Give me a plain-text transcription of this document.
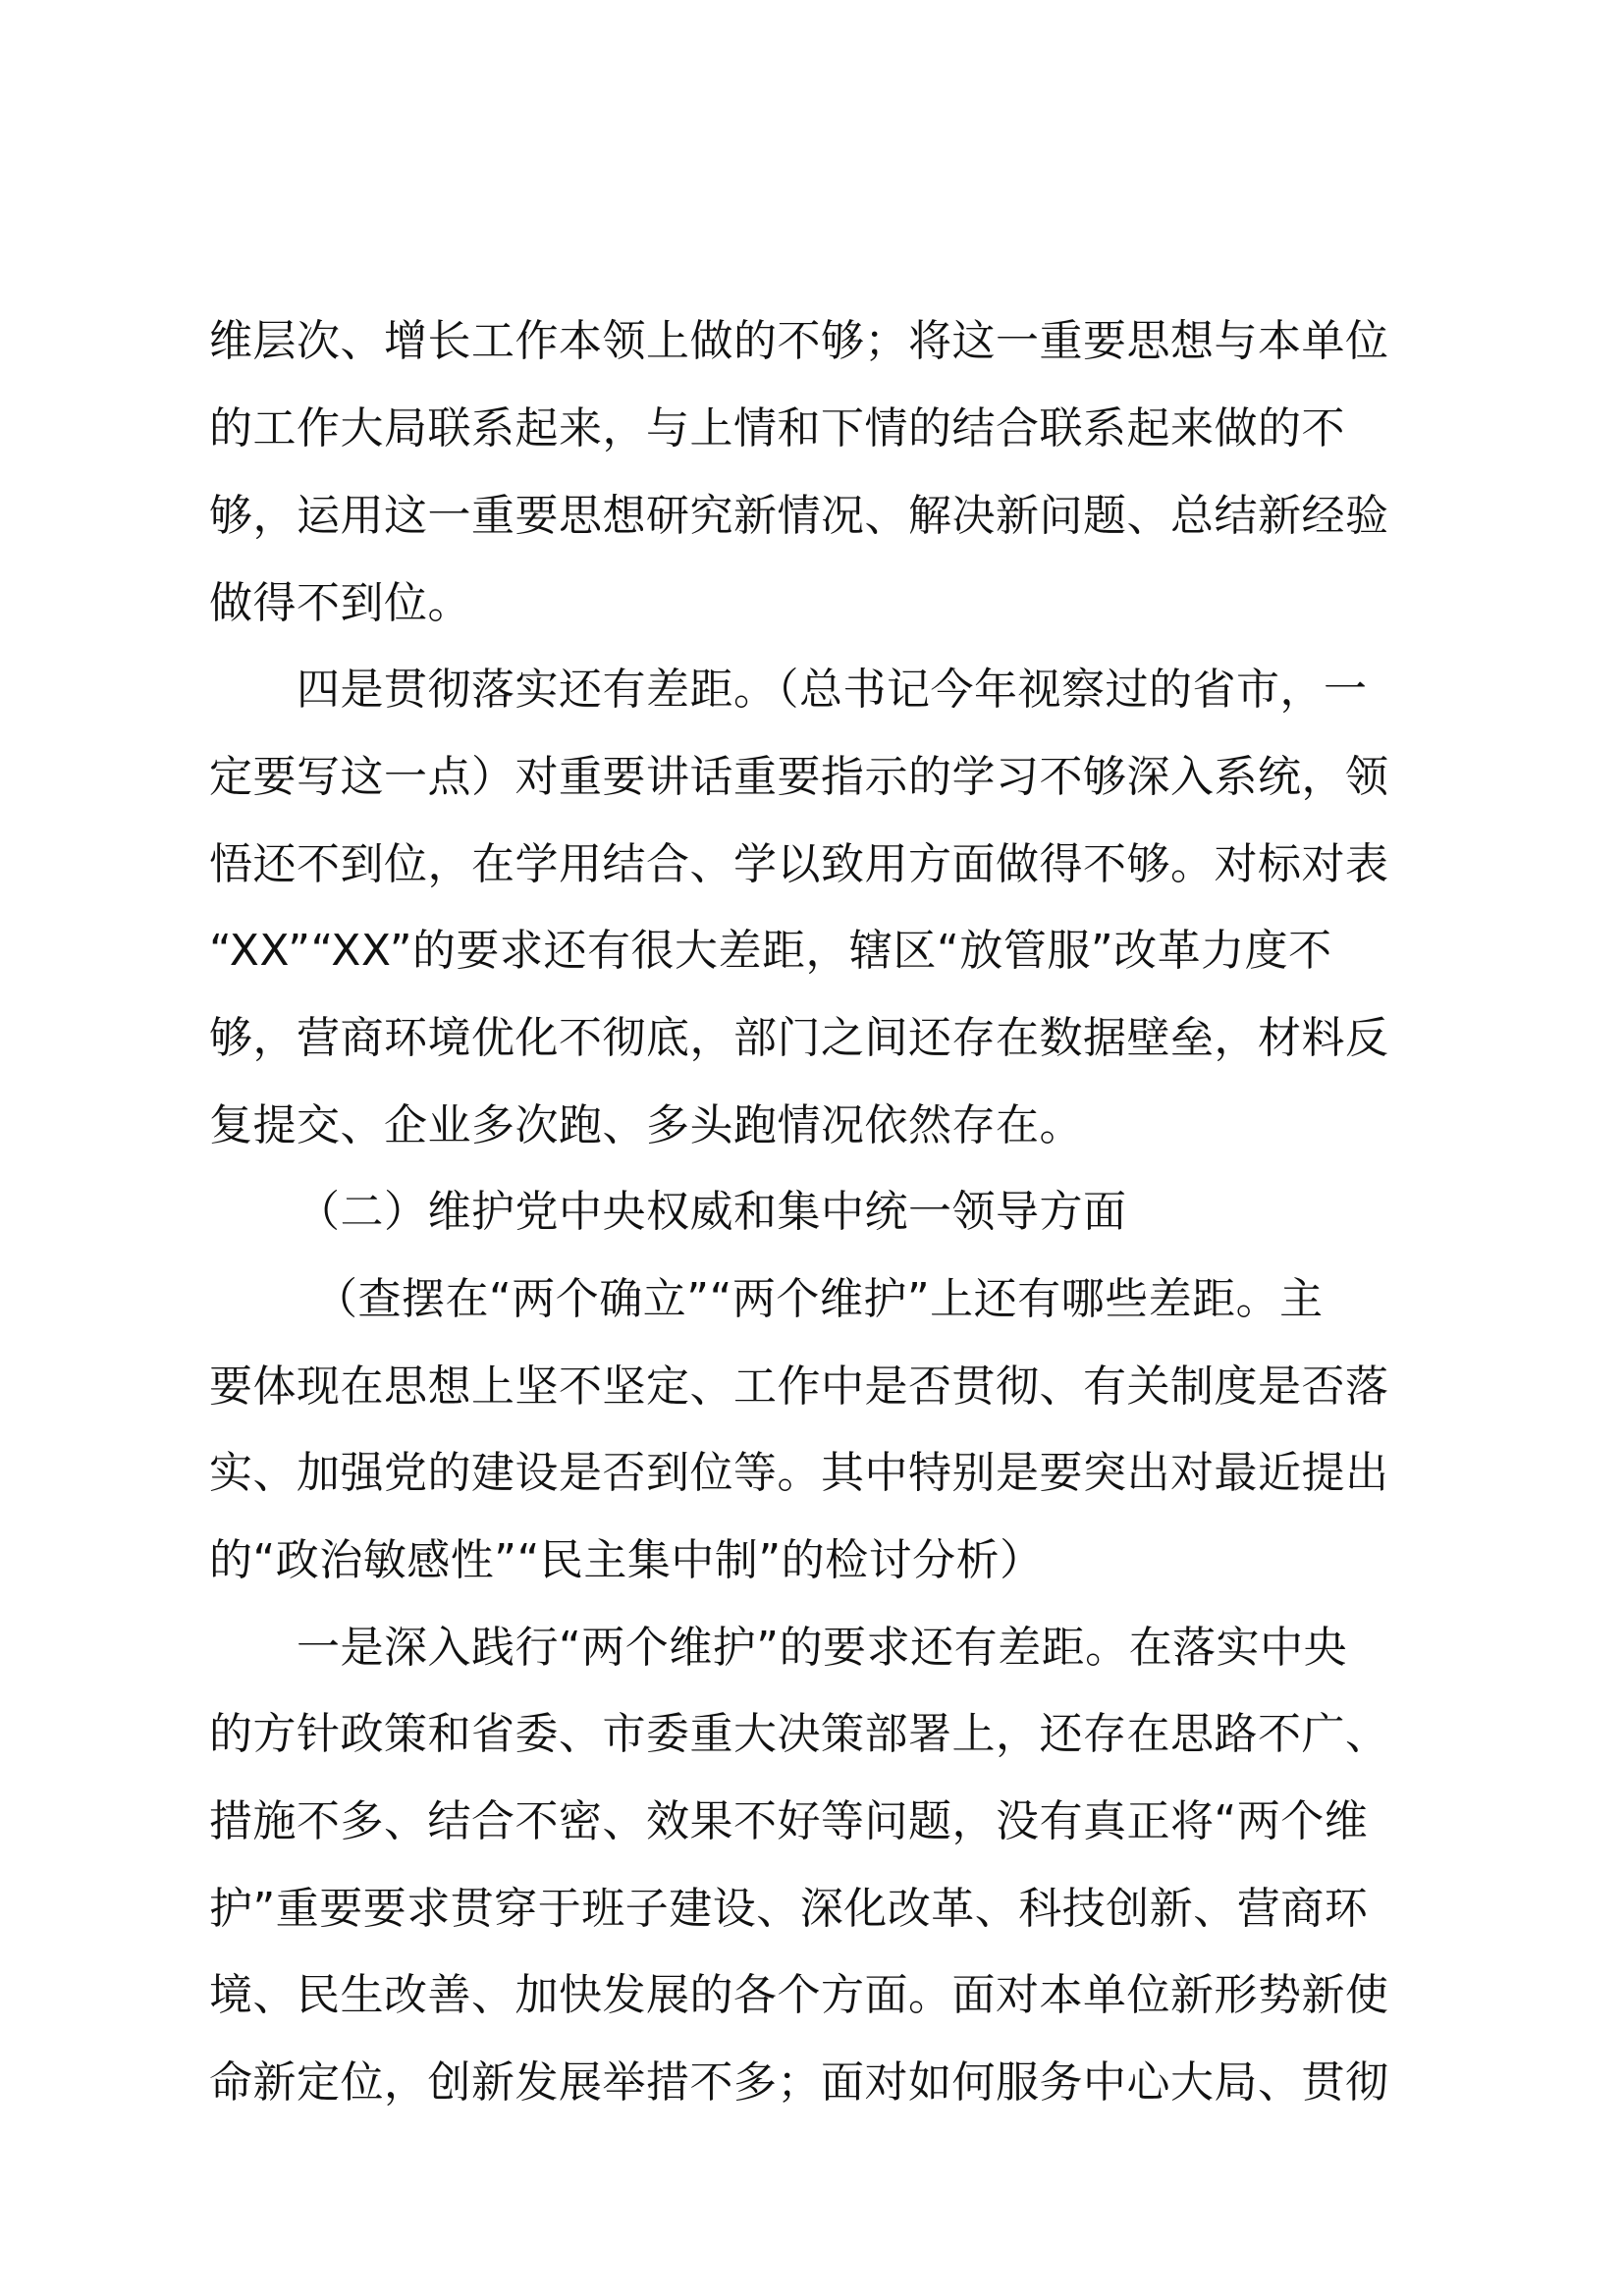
维层次、增长工作本领上做的不够；将这一重要思想与本单位
的工作大局联系起来，与上情和下情的结合联系起来做的不
够，运用这一重要思想研究新情况、解决新问题、总结新经验
做得不到位。
四是贯彻落实还有差距。（总书记今年视察过的省市，一
定要写这一点）对重要讲话重要指示的学习不够深入系统，领
悟还不到位，在学用结合、学以致用方面做得不够。对标对表
“XX”“XX”的要求还有很大差距，辖区“放管服”改革力度不
够，营商环境优化不彻底，部门之间还存在数据壁垒，材料反
复提交、企业多次跑、多头跑情况依然存在。
（二）维护党中央权威和集中统一领导方面
（查摆在“两个确立”“两个维护”上还有哪些差距。主
要体现在思想上坚不坚定、工作中是否贯彻、有关制度是否落
实、加强党的建设是否到位等。其中特别是要突出对最近提出
的“政治敏感性”“民主集中制”的检讨分析）
一是深入践行“两个维护”的要求还有差距。在落实中央
的方针政策和省委、市委重大决策部署上，还存在思路不广、
措施不多、结合不密、效果不好等问题，没有真正将“两个维
护”重要要求贯穿于班子建设、深化改革、科技创新、营商环
境、民生改善、加快发展的各个方面。面对本单位新形势新使
命新定位，创新发展举措不多；面对如何服务中心大局、贯彻
